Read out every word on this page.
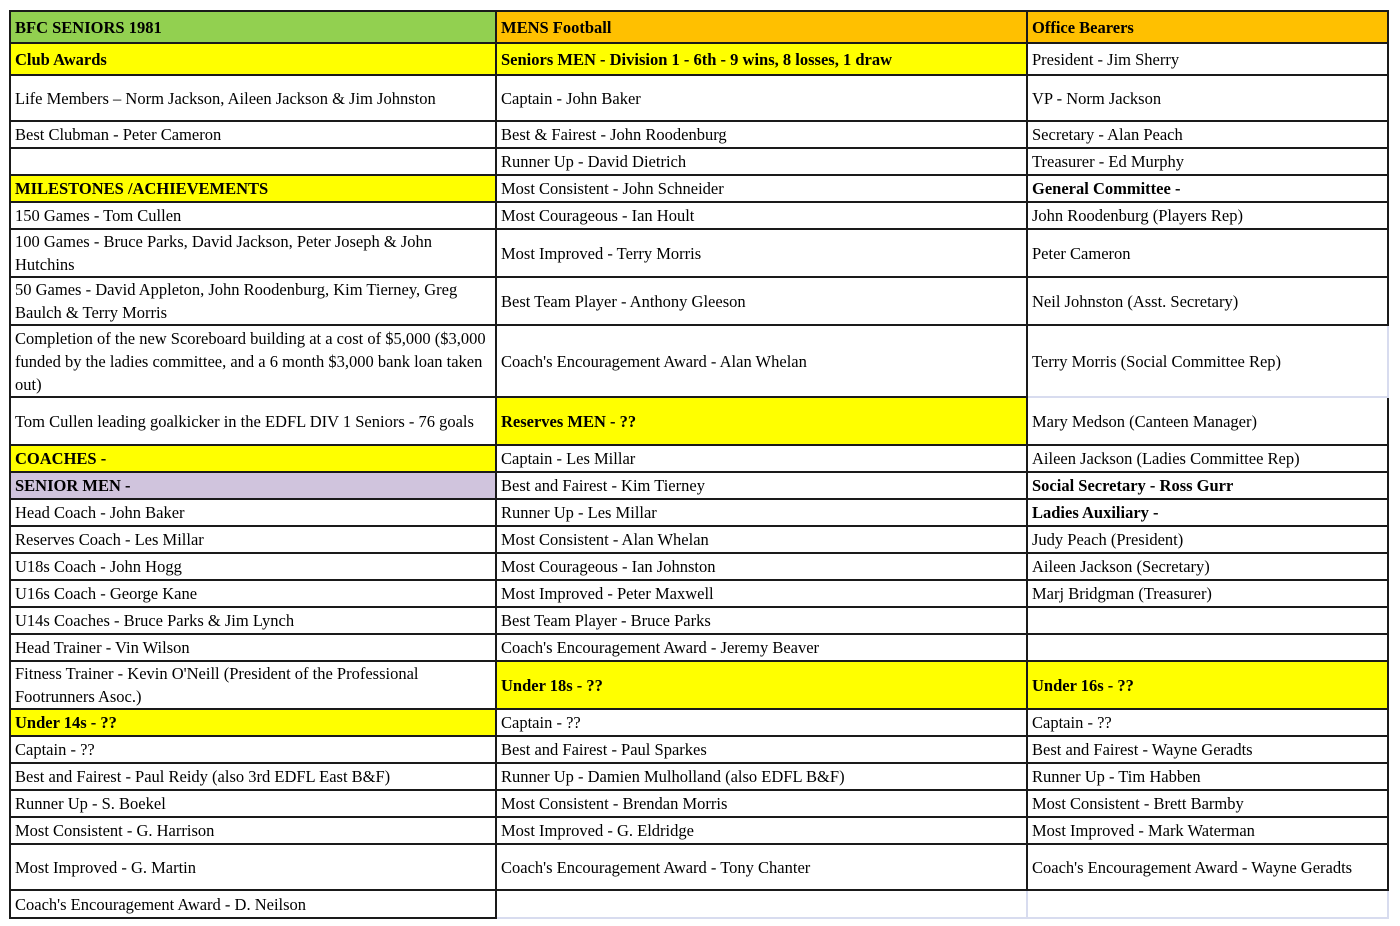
BFC SENIORS 1981	MENS Football	Office Bearers
Club Awards	Seniors MEN - Division 1 - 6th - 9 wins, 8 losses, 1 draw	President - Jim Sherry
Life Members – Norm Jackson, Aileen Jackson & Jim Johnston	Captain - John Baker	VP - Norm Jackson
Best Clubman - Peter Cameron	Best & Fairest - John Roodenburg	Secretary - Alan Peach
	Runner Up - David Dietrich	Treasurer - Ed Murphy
MILESTONES /ACHIEVEMENTS	Most Consistent - John Schneider	General Committee -
150 Games - Tom Cullen	Most Courageous - Ian Hoult	John Roodenburg (Players Rep)
100 Games - Bruce Parks, David Jackson, Peter Joseph & John Hutchins	Most Improved - Terry Morris	Peter Cameron
50 Games - David Appleton, John Roodenburg, Kim Tierney, Greg Baulch & Terry Morris	Best Team Player - Anthony Gleeson	Neil Johnston (Asst. Secretary)
Completion of the new Scoreboard building at a cost of $5,000 ($3,000 funded by the ladies committee, and a 6 month $3,000 bank loan taken out)	Coach's Encouragement Award - Alan Whelan	Terry Morris (Social Committee Rep)
Tom Cullen leading goalkicker in the EDFL DIV 1 Seniors - 76 goals	Reserves MEN - ??	Mary Medson (Canteen Manager)
COACHES -	Captain - Les Millar	Aileen Jackson (Ladies Committee Rep)
SENIOR MEN -	Best and Fairest - Kim Tierney	Social Secretary - Ross Gurr
Head Coach - John Baker	Runner Up - Les Millar	Ladies Auxiliary -
Reserves Coach - Les Millar	Most Consistent - Alan Whelan	Judy Peach (President)
U18s Coach - John Hogg	Most Courageous - Ian Johnston	Aileen Jackson (Secretary)
U16s Coach - George Kane	Most Improved - Peter Maxwell	Marj Bridgman (Treasurer)
U14s Coaches - Bruce Parks & Jim Lynch	Best Team Player - Bruce Parks	
Head Trainer - Vin Wilson	Coach's Encouragement Award - Jeremy Beaver	
Fitness Trainer - Kevin O'Neill (President of the Professional Footrunners Asoc.)	Under 18s - ??	Under 16s - ??
Under 14s - ??	Captain - ??	Captain - ??
Captain - ??	Best and Fairest - Paul Sparkes	Best and Fairest - Wayne Geradts
Best and Fairest - Paul Reidy (also 3rd EDFL East B&F)	Runner Up - Damien Mulholland (also EDFL B&F)	Runner Up - Tim Habben
Runner Up - S. Boekel	Most Consistent - Brendan Morris	Most Consistent - Brett Barmby
Most Consistent - G. Harrison	Most Improved - G. Eldridge	Most Improved - Mark Waterman
Most Improved - G. Martin	Coach's Encouragement Award - Tony Chanter	Coach's Encouragement Award - Wayne Geradts
Coach's Encouragement Award - D. Neilson		
